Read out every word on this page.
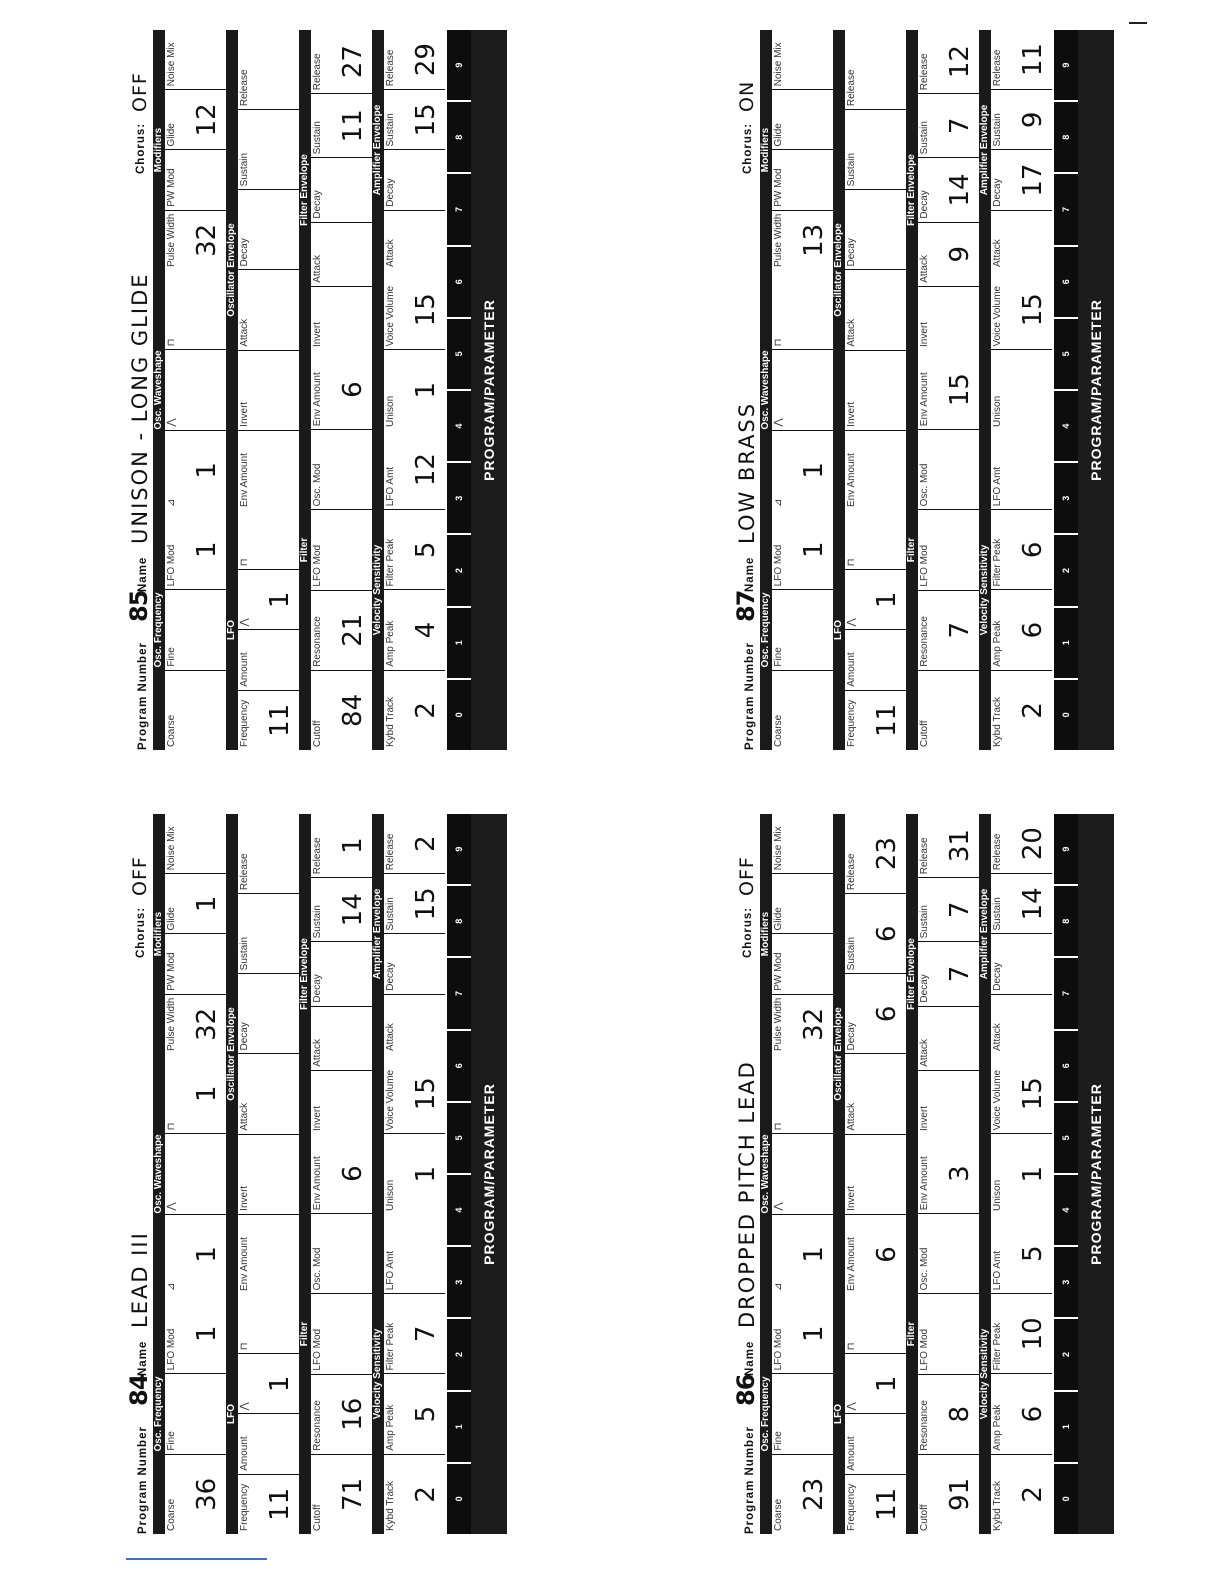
Program Number
84
Name
LEAD III
Chorus:
OFF
Osc. Frequency
Coarse
36
Fine
LFO Mod 1
Osc. Waveshape
⊿
1
⋀
⊓
1
Modifiers
Pulse Width 32
PW Mod
Glide
1
Noise Mix
LFO
Frequency 11
Amount
⋀
1
⊓
Oscillator Envelope
Env Amount
Invert
Attack
Decay
Sustain
Release
Filter
Cutoff
71
Resonance 16
LFO Mod
Osc. Mod
Env Amount 6
Filter Envelope
Invert
Attack
Decay
Sustain 14
Release 1
Velocity Sensitivity
Kybd Track 2
Amp Peak 5
Filter Peak 7
LFO Amt
Unison
1
Voice Volume 15
Amplifier Envelope
Attack
Decay
Sustain 15
Release 2
0
1
2
3
4
5
6
7
8
9
PROGRAM/PARAMETER
Program Number
85
Name
UNISON - LONG GLIDE
Chorus:
OFF
Osc. Frequency
Coarse
Fine
LFO Mod 1
Osc. Waveshape
⊿
1
⋀
⊓
Modifiers
Pulse Width 32
PW Mod
Glide 12
Noise Mix
LFO
Frequency 11
Amount
⋀
1
⊓
Oscillator Envelope
Env Amount
Invert
Attack
Decay
Sustain
Release
Filter
Cutoff
84
Resonance 21
LFO Mod
Osc. Mod
Env Amount 6
Filter Envelope
Invert
Attack
Decay
Sustain 11
Release 27
Velocity Sensitivity
Kybd Track 2
Amp Peak 4
Filter Peak 5
LFO Amt 12
Unison
1
Voice Volume 15
Amplifier Envelope
Attack
Decay
Sustain 15
Release 29
0
1
2
3
4
5
6
7
8
9
PROGRAM/PARAMETER
Program Number
86
Name
DROPPED PITCH LEAD
Chorus:
OFF
Osc. Frequency
Coarse
23
Fine
LFO Mod 1
Osc. Waveshape
⊿
1
⋀
⊓
Modifiers
Pulse Width 32
PW Mod
Glide
Noise Mix
LFO
Frequency 11
Amount
⋀
1
⊓
Oscillator Envelope
Env Amount 6
Invert
Attack
Decay
6
Sustain
6
Release 23
Filter
Cutoff
91
Resonance 8
LFO Mod
Osc. Mod
Env Amount 3
Filter Envelope
Invert
Attack
Decay
7
Sustain 7
Release 31
Velocity Sensitivity
Kybd Track 2
Amp Peak 6
Filter Peak 10
LFO Amt 5
Unison
1
Voice Volume 15
Amplifier Envelope
Attack
Decay
Sustain 14
Release 20
0
1
2
3
4
5
6
7
8
9
PROGRAM/PARAMETER
Program Number
87
Name
LOW BRASS
Chorus:
ON
Osc. Frequency
Coarse
Fine
LFO Mod 1
Osc. Waveshape
⊿
1
⋀
⊓
Modifiers
Pulse Width 13
PW Mod
Glide
Noise Mix
LFO
Frequency 11
Amount
⋀
1
⊓
Oscillator Envelope
Env Amount
Invert
Attack
Decay
Sustain
Release
Filter
Cutoff
Resonance 7
LFO Mod
Osc. Mod
Env Amount 15
Filter Envelope
Invert
Attack
9
Decay 14
Sustain 7
Release 12
Velocity Sensitivity
Kybd Track 2
Amp Peak 6
Filter Peak 6
LFO Amt
Unison
Voice Volume 15
Amplifier Envelope
Attack
Decay 17
Sustain 9
Release 11
0
1
2
3
4
5
6
7
8
9
PROGRAM/PARAMETER
